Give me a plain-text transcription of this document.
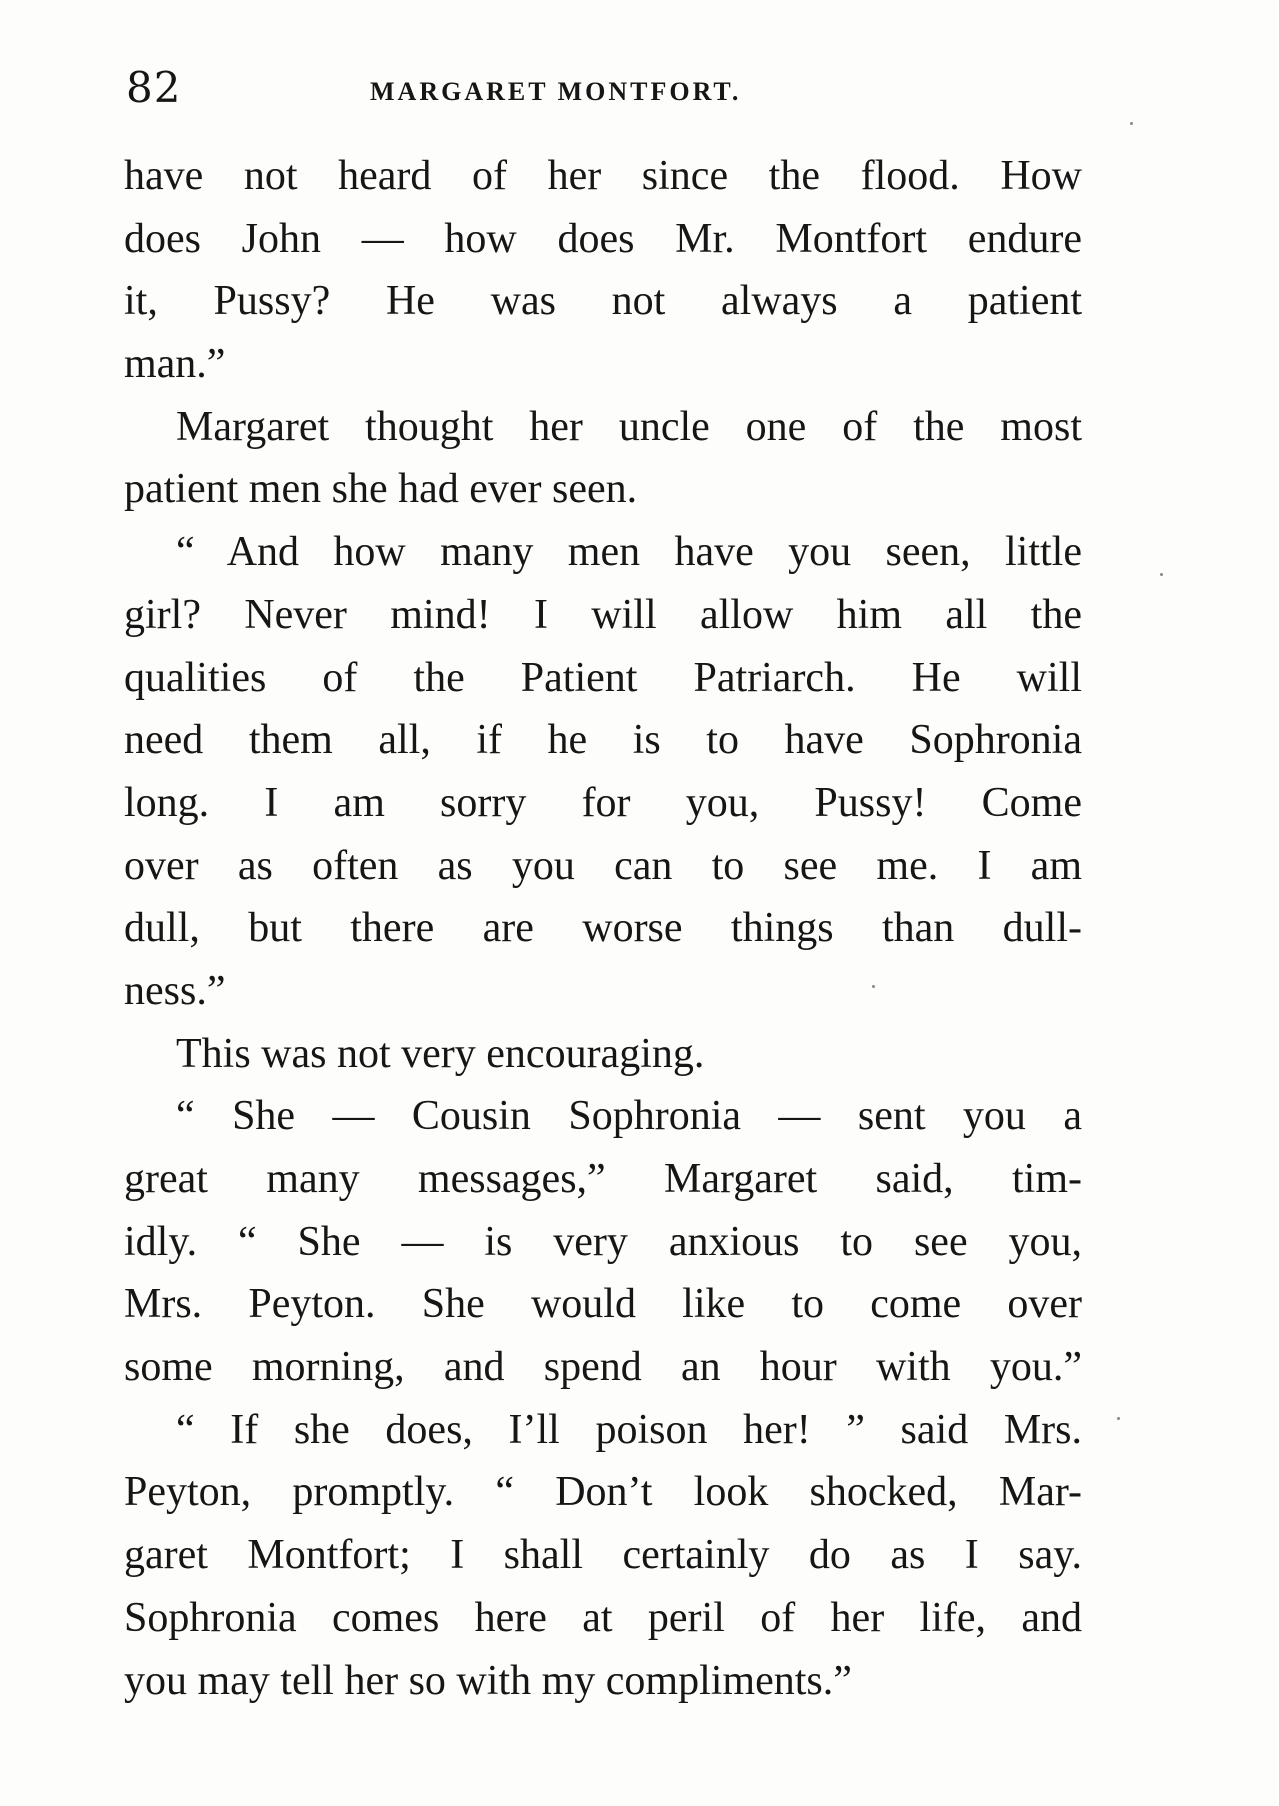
82	MARGARET MONTFORT.
have not heard of her since the flood. How
does John — how does Mr. Montfort endure
it, Pussy? He was not always a patient
man.”
Margaret thought her uncle one of the most
patient men she had ever seen.
“ And how many men have you seen, little
girl? Never mind! I will allow him all the
qualities of the Patient Patriarch. He will
need them all, if he is to have Sophronia
long. I am sorry for you, Pussy! Come
over as often as you can to see me. I am
dull, but there are worse things than dull-
ness.”
This was not very encouraging.
“ She — Cousin Sophronia — sent you a
great many messages,” Margaret said, tim-
idly. “ She — is very anxious to see you,
Mrs. Peyton. She would like to come over
some morning, and spend an hour with you.”
“ If she does, I’ll poison her! ” said Mrs.
Peyton, promptly. “ Don’t look shocked, Mar-
garet Montfort; I shall certainly do as I say.
Sophronia comes here at peril of her life, and
you may tell her so with my compliments.”
